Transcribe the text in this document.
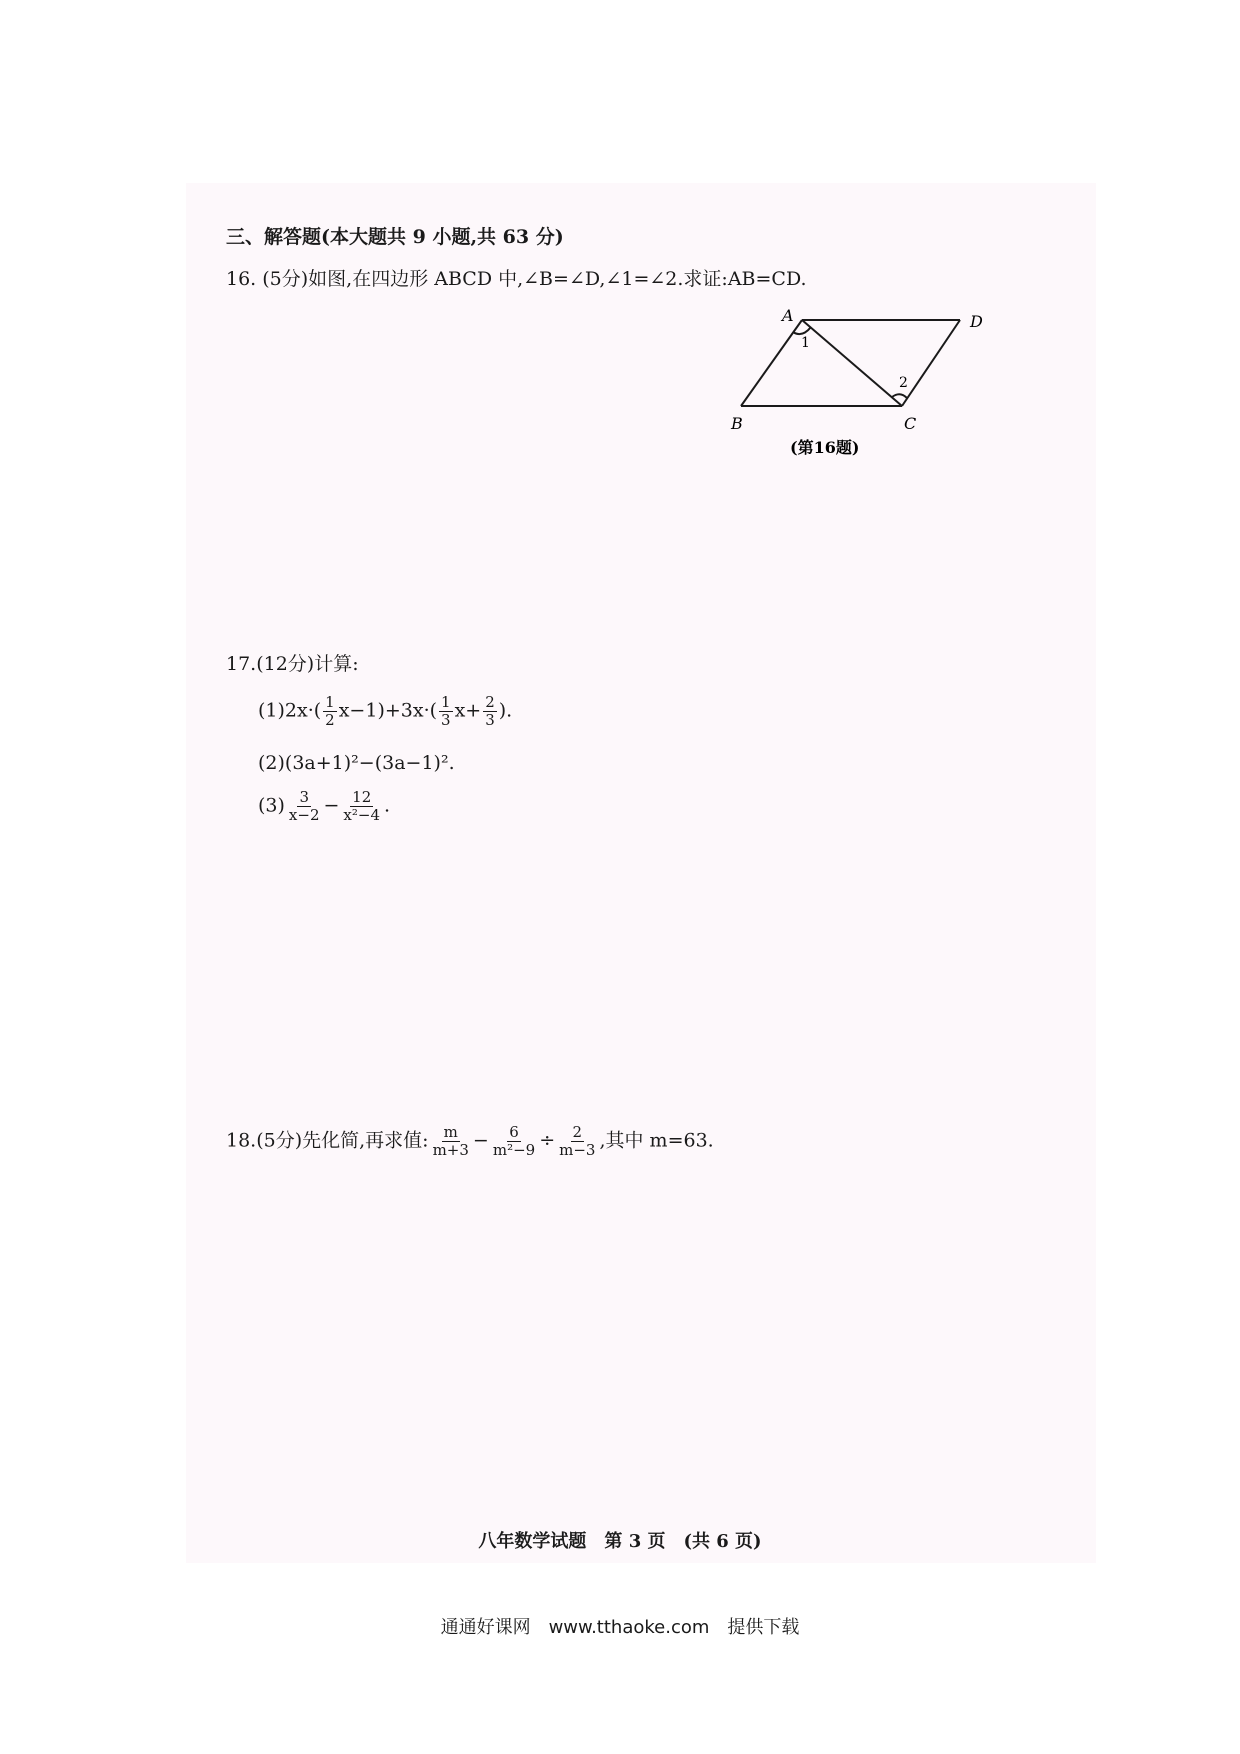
三、解答题(本大题共 9 小题,共 63 分)
16. (5分)如图,在四边形 ABCD 中,∠B=∠D,∠1=∠2.求证:AB=CD.
A	D
B	C
1
2
(第16题)
17.(12分)计算:
$(1)2x\cdot( \frac{1}{2} x-1)+3x\cdot( \frac{1}{3} x+ \frac{2}{3}$ ).
(2)(3a+1)²−(3a−1)².
$(3) \frac{3}{x-2} - \frac{12}{\text{x²−4}}$ .
18.(5分)先化简,再求值: $\frac{m}{m+3} - \frac{6}{\text{m²−9}} \div \frac{2}{m-3}$ ,其中 m=63.
八年数学试题　第 3 页　(共 6 页)
通通好课网　www.tthaoke.com　提供下载
